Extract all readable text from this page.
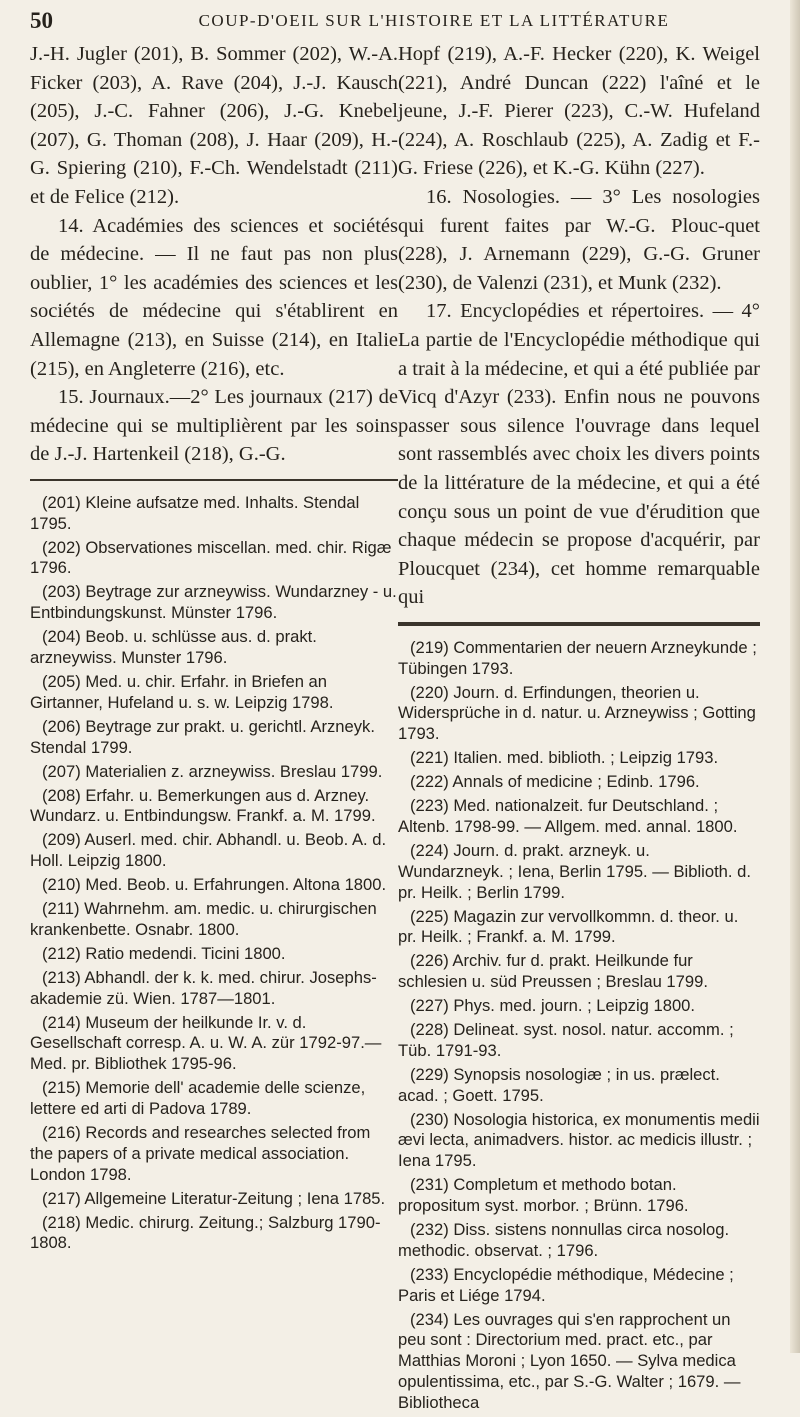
50	COUP-D'OEIL SUR L'HISTOIRE ET LA LITTÉRATURE

J.-H. Jugler (201), B. Sommer (202), W.-A. Ficker (203), A. Rave (204), J.-J. Kausch (205), J.-C. Fahner (206), J.-G. Knebel (207), G. Thoman (208), J. Haar (209), H.-G. Spiering (210), F.-Ch. Wendelstadt (211) et de Felice (212).

14. Académies des sciences et sociétés de médecine. — Il ne faut pas non plus oublier, 1° les académies des sciences et les sociétés de médecine qui s'établirent en Allemagne (213), en Suisse (214), en Italie (215), en Angleterre (216), etc.

15. Journaux.—2° Les journaux (217) de médecine qui se multiplièrent par les soins de J.-J. Hartenkeil (218), G.-G.

(201) Kleine aufsatze med. Inhalts. Stendal 1795.

(202) Observationes miscellan. med. chir. Rigæ 1796.

(203) Beytrage zur arzneywiss. Wundarzney - u. Entbindungskunst. Münster 1796.

(204) Beob. u. schlüsse aus. d. prakt. arzneywiss. Munster 1796.

(205) Med. u. chir. Erfahr. in Briefen an Girtanner, Hufeland u. s. w. Leipzig 1798.

(206) Beytrage zur prakt. u. gerichtl. Arzneyk. Stendal 1799.

(207) Materialien z. arzneywiss. Breslau 1799.

(208) Erfahr. u. Bemerkungen aus d. Arzney. Wundarz. u. Entbindungsw. Frankf. a. M. 1799.

(209) Auserl. med. chir. Abhandl. u. Beob. A. d. Holl. Leipzig 1800.

(210) Med. Beob. u. Erfahrungen. Altona 1800.

(211) Wahrnehm. am. medic. u. chirurgischen krankenbette. Osnabr. 1800.

(212) Ratio medendi. Ticini 1800.

(213) Abhandl. der k. k. med. chirur. Josephs-akademie zü. Wien. 1787—1801.

(214) Museum der heilkunde Ir. v. d. Gesellschaft corresp. A. u. W. A. zür 1792-97.—Med. pr. Bibliothek 1795-96.

(215) Memorie dell' academie delle scienze, lettere ed arti di Padova 1789.

(216) Records and researches selected from the papers of a private medical association. London 1798.

(217) Allgemeine Literatur-Zeitung ; Iena 1785.

(218) Medic. chirurg. Zeitung.; Salzburg 1790-1808.

Hopf (219), A.-F. Hecker (220), K. Weigel (221), André Duncan (222) l'aîné et le jeune, J.-F. Pierer (223), C.-W. Hufeland (224), A. Roschlaub (225), A. Zadig et F.-G. Friese (226), et K.-G. Kühn (227).

16. Nosologies. — 3° Les nosologies qui furent faites par W.-G. Plouc-quet (228), J. Arnemann (229), G.-G. Gruner (230), de Valenzi (231), et Munk (232).

17. Encyclopédies et répertoires. — 4° La partie de l'Encyclopédie méthodique qui a trait à la médecine, et qui a été publiée par Vicq d'Azyr (233). Enfin nous ne pouvons passer sous silence l'ouvrage dans lequel sont rassemblés avec choix les divers points de la littérature de la médecine, et qui a été conçu sous un point de vue d'érudition que chaque médecin se propose d'acquérir, par Ploucquet (234), cet homme remarquable qui

(219) Commentarien der neuern Arzneykunde ; Tübingen 1793.

(220) Journ. d. Erfindungen, theorien u. Widersprüche in d. natur. u. Arzneywiss ; Gotting 1793.

(221) Italien. med. biblioth. ; Leipzig 1793.

(222) Annals of medicine ; Edinb. 1796.

(223) Med. nationalzeit. fur Deutschland. ; Altenb. 1798-99. — Allgem. med. annal. 1800.

(224) Journ. d. prakt. arzneyk. u. Wundarzneyk. ; Iena, Berlin 1795. — Biblioth. d. pr. Heilk. ; Berlin 1799.

(225) Magazin zur vervollkommn. d. theor. u. pr. Heilk. ; Frankf. a. M. 1799.

(226) Archiv. fur d. prakt. Heilkunde fur schlesien u. süd Preussen ; Breslau 1799.

(227) Phys. med. journ. ; Leipzig 1800.

(228) Delineat. syst. nosol. natur. accomm. ; Tüb. 1791-93.

(229) Synopsis nosologiæ ; in us. prælect. acad. ; Goett. 1795.

(230) Nosologia historica, ex monumentis medii ævi lecta, animadvers. histor. ac medicis illustr. ; Iena 1795.

(231) Completum et methodo botan. propositum syst. morbor. ; Brünn. 1796.

(232) Diss. sistens nonnullas circa nosolog. methodic. observat. ; 1796.

(233) Encyclopédie méthodique, Médecine ; Paris et Liége 1794.

(234) Les ouvrages qui s'en rapprochent un peu sont : Directorium med. pract. etc., par Matthias Moroni ; Lyon 1650. — Sylva medica opulentissima, etc., par S.-G. Walter ; 1679. — Bibliotheca
